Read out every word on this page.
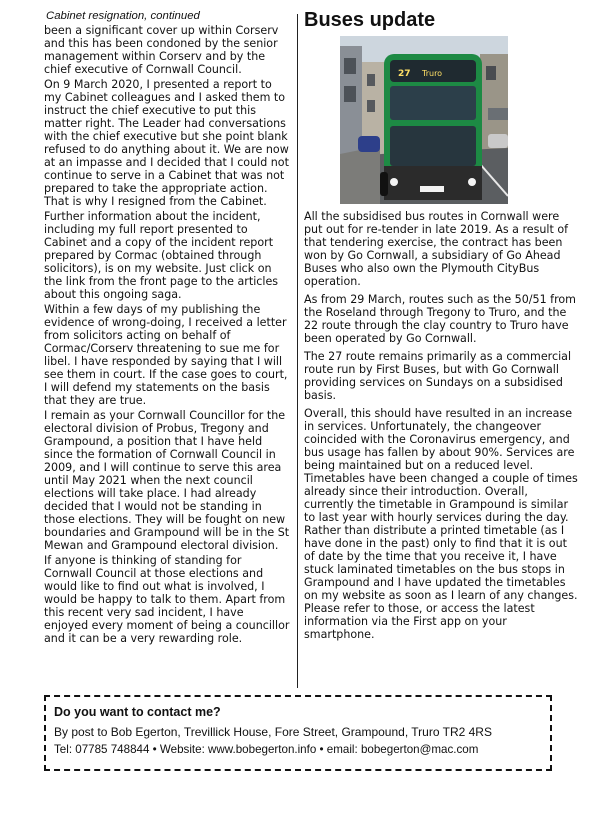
Cabinet resignation, continued

been a significant cover up within Corserv and this has been condoned by the senior management within Corserv and by the chief executive of Cornwall Council.

On 9 March 2020, I presented a report to my Cabinet colleagues and I asked them to instruct the chief executive to put this matter right. The Leader had conversations with the chief executive but she point blank refused to do anything about it. We are now at an impasse and I decided that I could not continue to serve in a Cabinet that was not prepared to take the appropriate action. That is why I resigned from the Cabinet.

Further information about the incident, including my full report presented to Cabinet and a copy of the incident report prepared by Cormac (obtained through solicitors), is on my website. Just click on the link from the front page to the articles about this ongoing saga.

Within a few days of my publishing the evidence of wrong-doing, I received a letter from solicitors acting on behalf of Cormac/Corserv threatening to sue me for libel. I have responded by saying that I will see them in court. If the case goes to court, I will defend my statements on the basis that they are true.

I remain as your Cornwall Councillor for the electoral division of Probus, Tregony and Grampound, a position that I have held since the formation of Cornwall Council in 2009, and I will continue to serve this area until May 2021 when the next council elections will take place. I had already decided that I would not be standing in those elections. They will be fought on new boundaries and Grampound will be in the St Mewan and Grampound electoral division.

If anyone is thinking of standing for Cornwall Council at those elections and would like to find out what is involved, I would be happy to talk to them. Apart from this recent very sad incident, I have enjoyed every moment of being a councillor and it can be a very rewarding role.

Buses update
27 Truro

All the subsidised bus routes in Cornwall were put out for re-tender in late 2019. As a result of that tendering exercise, the contract has been won by Go Cornwall, a subsidiary of Go Ahead Buses who also own the Plymouth CityBus operation.

As from 29 March, routes such as the 50/51 from the Roseland through Tregony to Truro, and the 22 route through the clay country to Truro have been operated by Go Cornwall.

The 27 route remains primarily as a commercial route run by First Buses, but with Go Cornwall providing services on Sundays on a subsidised basis.

Overall, this should have resulted in an increase in services. Unfortunately, the changeover coincided with the Coronavirus emergency, and bus usage has fallen by about 90%. Services are being maintained but on a reduced level. Timetables have been changed a couple of times already since their introduction. Overall, currently the timetable in Grampound is similar to last year with hourly services during the day. Rather than distribute a printed timetable (as I have done in the past) only to find that it is out of date by the time that you receive it, I have stuck laminated timetables on the bus stops in Grampound and I have updated the timetables on my website as soon as I learn of any changes. Please refer to those, or access the latest information via the First app on your smartphone.

Do you want to contact me?
By post to Bob Egerton, Trevillick House, Fore Street, Grampound, Truro TR2 4RS
Tel: 07785 748844 • Website: www.bobegerton.info • email: bobegerton@mac.com
